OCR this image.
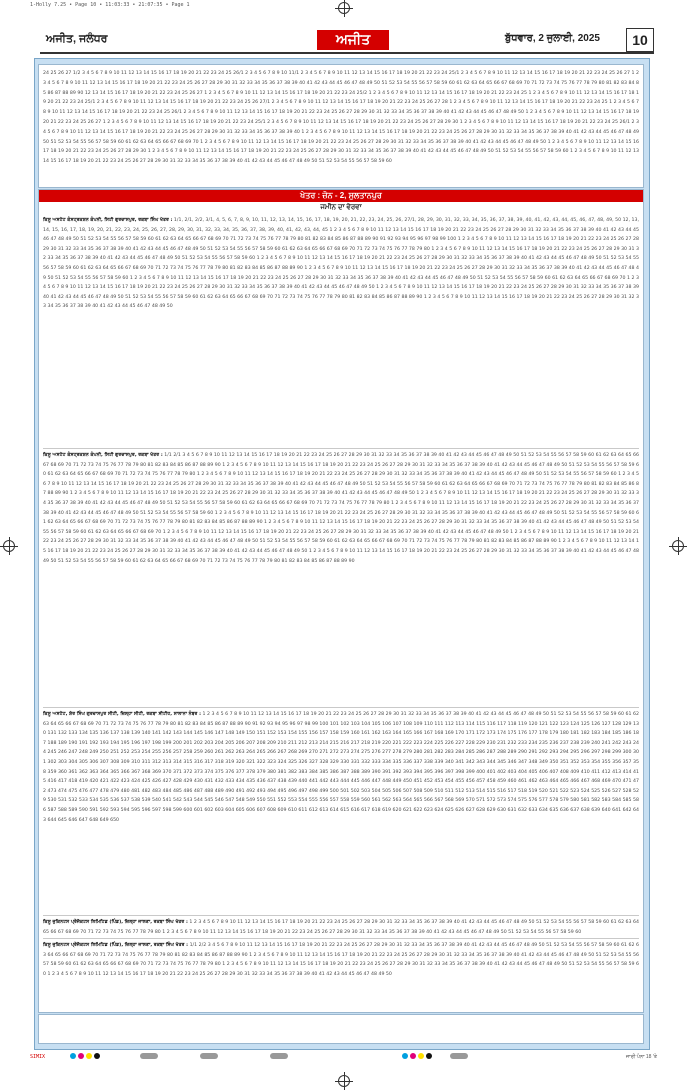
1-Holly 7.25 • Page 10 • 11:03:33 • 21:07:35 • Page 1
ਅਜੀਤ, ਜਲੰਧਰ	ਅਜੀਤ	ਬੁੱਧਵਾਰ, 2 ਜੁਲਾਈ, 2025	10
24 25 26 27 1/2 3 4 5 6 7 8 9 10 11 12 13 14 15 16 17 18 19 20 21 22 23 24 25 26/1 2 3 4 5 6 7 8 9 10 11/1 2 3 4 5 6 7 8 9 10 11 12 13 14 15 16 17 18 19 20 21 22 23 24 25/1 2 3 4 5 6 7 8 9 10 11 12 13 14 15 16 17 18 19 20 21 22 23 24 25 26 27 1 2 3 4 5 6 7 8 9 10 11 12 13 14 15 16 17 18 19 20 21 22 23 24 25 26 27 28 29 30 31 32 33 34 35 36 37 38 39 40 41 42 43 44 45 46 47 48 49 50 51 52 53 54 55 56 57 58 59 60 61 62 63 64 65 66 67 68 69 70 71 72 73 74 75 76 77 78 79 80 81 82 83 84 85 86 87 88 89 90 12 13 14 15 16 17 18 19 20 21 22 23 24 25 26 27 1 2 3 4 5 6 7 8 9 10 11 12 13 14 15 16 17 18 19 20 21 22 23 24 25/2 1 2 3 4 5 6 7 8 9 10 11 12 13 14 15 16 17 18 19 20 21 22 23 24 25 1 2 3 4 5 6 7 8 9 10 11 12 13 14 15 16 17 18 19 20 21 22 23 24 25/1 2 3 4 5 6 7 8 9 10 11 12 13 14 15 16 17 18 19 20 21 22 23 24 25 26 27/1 2 3 4 5 6 7 8 9 10 11 12 13 14 15 16 17 18 19 20 21 22 23 24 25 26 27 28 1 2 3 4 5 6 7 8 9 10 11 12 13 14 15 16 17 18 19 20 21 22 23 24 25 1 2 3 4 5 6 7 8 9 10 11 12 13 14 15 16 17 18 19 20 21 22 23 24 25 26/1 2 3 4 5 6 7 8 9 10 11 12 13 14 15 16 17 18 19 20 21 22 23 24 25 26 27 28 29 30 31 32 33 34 35 36 37 38 39 40 41 42 43 44 45 46 47 48 49 50 1 2 3 4 5 6 7 8 9 10 11 12 13 14 15 16 17 18 19 20 21 22 23 24 25 26 27 1 2 3 4 5 6 7 8 9 10 11 12 13 14 15 16 17 18 19 20 21 22 23 24 25/1 2 3 4 5 6 7 8 9 10 11 12 13 14 15 16 17 18 19 20 21 22 23 24 25 26 27 28 29 30 1 2 3 4 5 6 7 8 9 10 11 12 13 14 15 16 17 18 19 20 21 22 23 24 25 26/1 2 3 4 5 6 7 8 9 10 11 12 13 14 15 16 17 18 19 20 21 22 23 24 25 26 27 28 29 30 31 32 33 34 35 36 37 38 39 40 1 2 3 4 5 6 7 8 9 10 11 12 13 14 15 16 17 18 19 20 21 22 23 24 25 26 27 28 29 30 31 32 33 34 35 36 37 38 39 40 41 42 43 44 45 46 47 48 49 50 51 52 53 54 55 56 57 58 59 60 61 62 63 64 65 66 67 68 69 70 1 2 3 4 5 6 7 8 9 10 11 12 13 14 15 16 17 18 19 20 21 22 23 24 25 26 27 28 29 30 31 32 33 34 35 36 37 38 39 40 41 42 43 44 45 46 47 48 49 50 1 2 3 4 5 6 7 8 9 10 11 12 13 14 15 16 17 18 19 20 21 22 23 24 25 26 27 28 29 30 1 2 3 4 5 6 7 8 9 10 11 12 13 14 15 16 17 18 19 20 21 22 23 24 25 26 27 28 29 30 31 32 33 34 35 36 37 38 39 40 41 42 43 44 45 46 47 48 49 50 51 52 53 54 55 56 57 58 59 60 1 2 3 4 5 6 7 8 9 10 11 12 13 14 15 16 17 18 19 20 21 22 23 24 25 26 27 28 29 30 31 32 33 34 35 36 37 38 39 40 41 42 43 44 45 46 47 48 49 50 51 52 53 54 55 56 57 58 59 60
ਖੇਤਰ : ਜ਼ੋਨ - 2, ਸੁਲਤਾਨਪੁਰ
ਜਮੀਨ ਦਾ ਵੇਰਵਾ
ਕਿਸੂ ਅਸਟੇਟ ਕੰਸਟ੍ਰਕਸ਼ਨ ਕੰਪਨੀ, ਸਿਟੀ ਗੁਰਦਾਸਪੁਰ, ਰਕਬਾ ਸਿੰਘ ਖੇਤਰ : 1/1, 2/1, 2/2, 3/1, 4, 5, 6, 7, 8, 9, 10, 11, 12, 13, 14, 15, 16, 17, 18, 19, 20, 21, 22, 23, 24, 25, 26, 27/1, 28, 29, 30, 31, 32, 33, 34, 35, 36, 37, 38, 39, 40, 41, 42, 43, 44, 45, 46, 47, 48, 49, 50 12, 13, 14, 15, 16, 17, 18, 19, 20, 21, 22, 23, 24, 25, 26, 27, 28, 29, 30, 31, 32, 33, 34, 35, 36, 37, 38, 39, 40, 41, 42, 43, 44, 45 1 2 3 4 5 6 7 8 9 10 11 12 13 14 15 16 17 18 19 20 21 22 23 24 25 26 27 28 29 30 31 32 33 34 35 36 37 38 39 40 41 42 43 44 45 46 47 48 49 50 51 52 53 54 55 56 57 58 59 60 61 62 63 64 65 66 67 68 69 70 71 72 73 74 75 76 77 78 79 80 81 82 83 84 85 86 87 88 89 90 91 92 93 94 95 96 97 98 99 100 1 2 3 4 5 6 7 8 9 10 11 12 13 14 15 16 17 18 19 20 21 22 23 24 25 26 27 28 29 30 31 32 33 34 35 36 37 38 39 40 41 42 43 44 45 46 47 48 49 50 51 52 53 54 55 56 57 58 59 60 61 62 63 64 65 66 67 68 69 70 71 72 73 74 75 76 77 78 79 80 1 2 3 4 5 6 7 8 9 10 11 12 13 14 15 16 17 18 19 20 21 22 23 24 25 26 27 28 29 30 31 32 33 34 35 36 37 38 39 40 41 42 43 44 45 46 47 48 49 50 51 52 53 54 55 56 57 58 59 60 1 2 3 4 5 6 7 8 9 10 11 12 13 14 15 16 17 18 19 20 21 22 23 24 25 26 27 28 29 30 31 32 33 34 35 36 37 38 39 40 41 42 43 44 45 46 47 48 49 50 51 52 53 54 55 56 57 58 59 60 61 62 63 64 65 66 67 68 69 70 71 72 73 74 75 76 77 78 79 80 81 82 83 84 85 86 87 88 89 90 1 2 3 4 5 6 7 8 9 10 11 12 13 14 15 16 17 18 19 20 21 22 23 24 25 26 27 28 29 30 31 32 33 34 35 36 37 38 39 40 41 42 43 44 45 46 47 48 49 50 51 52 53 54 55 56 57 58 59 60 1 2 3 4 5 6 7 8 9 10 11 12 13 14 15 16 17 18 19 20 21 22 23 24 25 26 27 28 29 30 31 32 33 34 35 36 37 38 39 40 41 42 43 44 45 46 47 48 49 50 51 52 53 54 55 56 57 58 59 60 61 62 63 64 65 66 67 68 69 70 1 2 3 4 5 6 7 8 9 10 11 12 13 14 15 16 17 18 19 20 21 22 23 24 25 26 27 28 29 30 31 32 33 34 35 36 37 38 39 40 41 42 43 44 45 46 47 48 49 50 1 2 3 4 5 6 7 8 9 10 11 12 13 14 15 16 17 18 19 20 21 22 23 24 25 26 27 28 29 30 31 32 33 34 35 36 37 38 39 40 41 42 43 44 45 46 47 48 49 50 51 52 53 54 55 56 57 58 59 60 61 62 63 64 65 66 67 68 69 70 71 72 73 74 75 76 77 78 79 80 81 82 83 84 85 86 87 88 89 90 1 2 3 4 5 6 7 8 9 10 11 12 13 14 15 16 17 18 19 20 21 22 23 24 25 26 27 28 29 30 31 32 33 34 35 36 37 38 39 40 41 42 43 44 45 46 47 48 49 50
ਕਿਸੂ ਅਸਟੇਟ ਕੰਸਟ੍ਰਕਸ਼ਨ ਕੰਪਨੀ, ਸਿਟੀ ਗੁਰਦਾਸਪੁਰ, ਰਕਬਾ ਖੇਤਰ : 1/1 2/1 3 4 5 6 7 8 9 10 11 12 13 14 15 16 17 18 19 20 21 22 23 24 25 26 27 28 29 30 31 32 33 34 35 36 37 38 39 40 41 42 43 44 45 46 47 48 49 50 51 52 53 54 55 56 57 58 59 60 61 62 63 64 65 66 67 68 69 70 71 72 73 74 75 76 77 78 79 80 81 82 83 84 85 86 87 88 89 90 1 2 3 4 5 6 7 8 9 10 11 12 13 14 15 16 17 18 19 20 21 22 23 24 25 26 27 28 29 30 31 32 33 34 35 36 37 38 39 40 41 42 43 44 45 46 47 48 49 50 51 52 53 54 55 56 57 58 59 60 61 62 63 64 65 66 67 68 69 70 71 72 73 74 75 76 77 78 79 80 1 2 3 4 5 6 7 8 9 10 11 12 13 14 15 16 17 18 19 20 21 22 23 24 25 26 27 28 29 30 31 32 33 34 35 36 37 38 39 40 41 42 43 44 45 46 47 48 49 50 51 52 53 54 55 56 57 58 59 60 1 2 3 4 5 6 7 8 9 10 11 12 13 14 15 16 17 18 19 20 21 22 23 24 25 26 27 28 29 30 31 32 33 34 35 36 37 38 39 40 41 42 43 44 45 46 47 48 49 50 51 52 53 54 55 56 57 58 59 60 61 62 63 64 65 66 67 68 69 70 71 72 73 74 75 76 77 78 79 80 81 82 83 84 85 86 87 88 89 90 1 2 3 4 5 6 7 8 9 10 11 12 13 14 15 16 17 18 19 20 21 22 23 24 25 26 27 28 29 30 31 32 33 34 35 36 37 38 39 40 41 42 43 44 45 46 47 48 49 50 1 2 3 4 5 6 7 8 9 10 11 12 13 14 15 16 17 18 19 20 21 22 23 24 25 26 27 28 29 30 31 32 33 34 35 36 37 38 39 40 41 42 43 44 45 46 47 48 49 50 51 52 53 54 55 56 57 58 59 60 61 62 63 64 65 66 67 68 69 70 71 72 73 74 75 76 77 78 79 80 1 2 3 4 5 6 7 8 9 10 11 12 13 14 15 16 17 18 19 20 21 22 23 24 25 26 27 28 29 30 31 32 33 34 35 36 37 38 39 40 41 42 43 44 45 46 47 48 49 50 51 52 53 54 55 56 57 58 59 60 1 2 3 4 5 6 7 8 9 10 11 12 13 14 15 16 17 18 19 20 21 22 23 24 25 26 27 28 29 30 31 32 33 34 35 36 37 38 39 40 41 42 43 44 45 46 47 48 49 50 51 52 53 54 55 56 57 58 59 60 61 62 63 64 65 66 67 68 69 70 71 72 73 74 75 76 77 78 79 80 81 82 83 84 85 86 87 88 89 90 1 2 3 4 5 6 7 8 9 10 11 12 13 14 15 16 17 18 19 20 21 22 23 24 25 26 27 28 29 30 31 32 33 34 35 36 37 38 39 40 41 42 43 44 45 46 47 48 49 50 51 52 53 54 55 56 57 58 59 60 61 62 63 64 65 66 67 68 69 70 1 2 3 4 5 6 7 8 9 10 11 12 13 14 15 16 17 18 19 20 21 22 23 24 25 26 27 28 29 30 31 32 33 34 35 36 37 38 39 40 41 42 43 44 45 46 47 48 49 50 1 2 3 4 5 6 7 8 9 10 11 12 13 14 15 16 17 18 19 20 21 22 23 24 25 26 27 28 29 30 31 32 33 34 35 36 37 38 39 40 41 42 43 44 45 46 47 48 49 50 51 52 53 54 55 56 57 58 59 60 61 62 63 64 65 66 67 68 69 70 71 72 73 74 75 76 77 78 79 80 81 82 83 84 85 86 87 88 89 90 1 2 3 4 5 6 7 8 9 10 11 12 13 14 15 16 17 18 19 20 21 22 23 24 25 26 27 28 29 30 31 32 33 34 35 36 37 38 39 40 41 42 43 44 45 46 47 48 49 50 1 2 3 4 5 6 7 8 9 10 11 12 13 14 15 16 17 18 19 20 21 22 23 24 25 26 27 28 29 30 31 32 33 34 35 36 37 38 39 40 41 42 43 44 45 46 47 48 49 50 51 52 53 54 55 56 57 58 59 60 61 62 63 64 65 66 67 68 69 70 71 72 73 74 75 76 77 78 79 80 81 82 83 84 85 86 87 88 89 90
ਕਿਸੂ ਅਸਟੇਟ, ਸ਼ੇਰ ਸਿੰਘ ਗੁਰਦਾਸਪੁਰ ਸੀਟੀ, ਜ਼ਿਲ੍ਹਾ ਸੀਟੀ, ਰਕਬਾ ਸੀਟੀਹ, ਸਾਲਾਨਾ ਨੰਬਰ : 1 2 3 4 5 6 7 8 9 10 11 12 13 14 15 16 17 18 19 20 21 22 23 24 25 26 27 28 29 30 31 32 33 34 35 36 37 38 39 40 41 42 43 44 45 46 47 48 49 50 51 52 53 54 55 56 57 58 59 60 61 62 63 64 65 66 67 68 69 70 71 72 73 74 75 76 77 78 79 80 81 82 83 84 85 86 87 88 89 90 91 92 93 94 95 96 97 98 99 100 101 102 103 104 105 106 107 108 109 110 111 112 113 114 115 116 117 118 119 120 121 122 123 124 125 126 127 128 129 130 131 132 133 134 135 136 137 138 139 140 141 142 143 144 145 146 147 148 149 150 151 152 153 154 155 156 157 158 159 160 161 162 163 164 165 166 167 168 169 170 171 172 173 174 175 176 177 178 179 180 181 182 183 184 185 186 187 188 189 190 191 192 193 194 195 196 197 198 199 200 201 202 203 204 205 206 207 208 209 210 211 212 213 214 215 216 217 218 219 220 221 222 223 224 225 226 227 228 229 230 231 232 233 234 235 236 237 238 239 240 241 242 243 244 245 246 247 248 249 250 251 252 253 254 255 256 257 258 259 260 261 262 263 264 265 266 267 268 269 270 271 272 273 274 275 276 277 278 279 280 281 282 283 284 285 286 287 288 289 290 291 292 293 294 295 296 297 298 299 300 301 302 303 304 305 306 307 308 309 310 311 312 313 314 315 316 317 318 319 320 321 322 323 324 325 326 327 328 329 330 331 332 333 334 335 336 337 338 339 340 341 342 343 344 345 346 347 348 349 350 351 352 353 354 355 356 357 358 359 360 361 362 363 364 365 366 367 368 369 370 371 372 373 374 375 376 377 378 379 380 381 382 383 384 385 386 387 388 389 390 391 392 393 394 395 396 397 398 399 400 401 402 403 404 405 406 407 408 409 410 411 412 413 414 415 416 417 418 419 420 421 422 423 424 425 426 427 428 429 430 431 432 433 434 435 436 437 438 439 440 441 442 443 444 445 446 447 448 449 450 451 452 453 454 455 456 457 458 459 460 461 462 463 464 465 466 467 468 469 470 471 472 473 474 475 476 477 478 479 480 481 482 483 484 485 486 487 488 489 490 491 492 493 494 495 496 497 498 499 500 501 502 503 504 505 506 507 508 509 510 511 512 513 514 515 516 517 518 519 520 521 522 523 524 525 526 527 528 529 530 531 532 533 534 535 536 537 538 539 540 541 542 543 544 545 546 547 548 549 550 551 552 553 554 555 556 557 558 559 560 561 562 563 564 565 566 567 568 569 570 571 572 573 574 575 576 577 578 579 580 581 582 583 584 585 586 587 588 589 590 591 592 593 594 595 596 597 598 599 600 601 602 603 604 605 606 607 608 609 610 611 612 613 614 615 616 617 618 619 620 621 622 623 624 625 626 627 628 629 630 631 632 633 634 635 636 637 638 639 640 641 642 643 644 645 646 647 648 649 650
ਕਿਸੂ ਜੁਕਿਨਟਸ ਪ੍ਰੋਜੈਕਟਸ ਲਿਮਿਟਿਡ (ਪਿੰਡ), ਜ਼ਿਲ੍ਹਾ ਜਾਲਣਾ, ਰਕਬਾ ਸਿੰਘ ਖੇਤਰ : 1 2 3 4 5 6 7 8 9 10 11 12 13 14 15 16 17 18 19 20 21 22 23 24 25 26 27 28 29 30 31 32 33 34 35 36 37 38 39 40 41 42 43 44 45 46 47 48 49 50 51 52 53 54 55 56 57 58 59 60 61 62 63 64 65 66 67 68 69 70 71 72 73 74 75 76 77 78 79 80 1 2 3 4 5 6 7 8 9 10 11 12 13 14 15 16 17 18 19 20 21 22 23 24 25 26 27 28 29 30 31 32 33 34 35 36 37 38 39 40 41 42 43 44 45 46 47 48 49 50 51 52 53 54 55 56 57 58 59 60
ਕਿਸੂ ਜੁਕਿਨਟਸ ਪ੍ਰੋਜੈਕਟਸ ਲਿਮਿਟਿਡ (ਪਿੰਡ), ਜ਼ਿਲ੍ਹਾ ਜਾਲਣਾ, ਰਕਬਾ ਸਿੰਘ ਖੇਤਰ : 1/1 2/2 3 4 5 6 7 8 9 10 11 12 13 14 15 16 17 18 19 20 21 22 23 24 25 26 27 28 29 30 31 32 33 34 35 36 37 38 39 40 41 42 43 44 45 46 47 48 49 50 51 52 53 54 55 56 57 58 59 60 61 62 63 64 65 66 67 68 69 70 71 72 73 74 75 76 77 78 79 80 81 82 83 84 85 86 87 88 89 90 1 2 3 4 5 6 7 8 9 10 11 12 13 14 15 16 17 18 19 20 21 22 23 24 25 26 27 28 29 30 31 32 33 34 35 36 37 38 39 40 41 42 43 44 45 46 47 48 49 50 51 52 53 54 55 56 57 58 59 60 61 62 63 64 65 66 67 68 69 70 71 72 73 74 75 76 77 78 79 80 1 2 3 4 5 6 7 8 9 10 11 12 13 14 15 16 17 18 19 20 21 22 23 24 25 26 27 28 29 30 31 32 33 34 35 36 37 38 39 40 41 42 43 44 45 46 47 48 49 50 51 52 53 54 55 56 57 58 59 60 1 2 3 4 5 6 7 8 9 10 11 12 13 14 15 16 17 18 19 20 21 22 23 24 25 26 27 28 29 30 31 32 33 34 35 36 37 38 39 40 41 42 43 44 45 46 47 48 49 50
SIMIX	ਜਾਰੀ ਪੰਨਾ 18 'ਤੇ
